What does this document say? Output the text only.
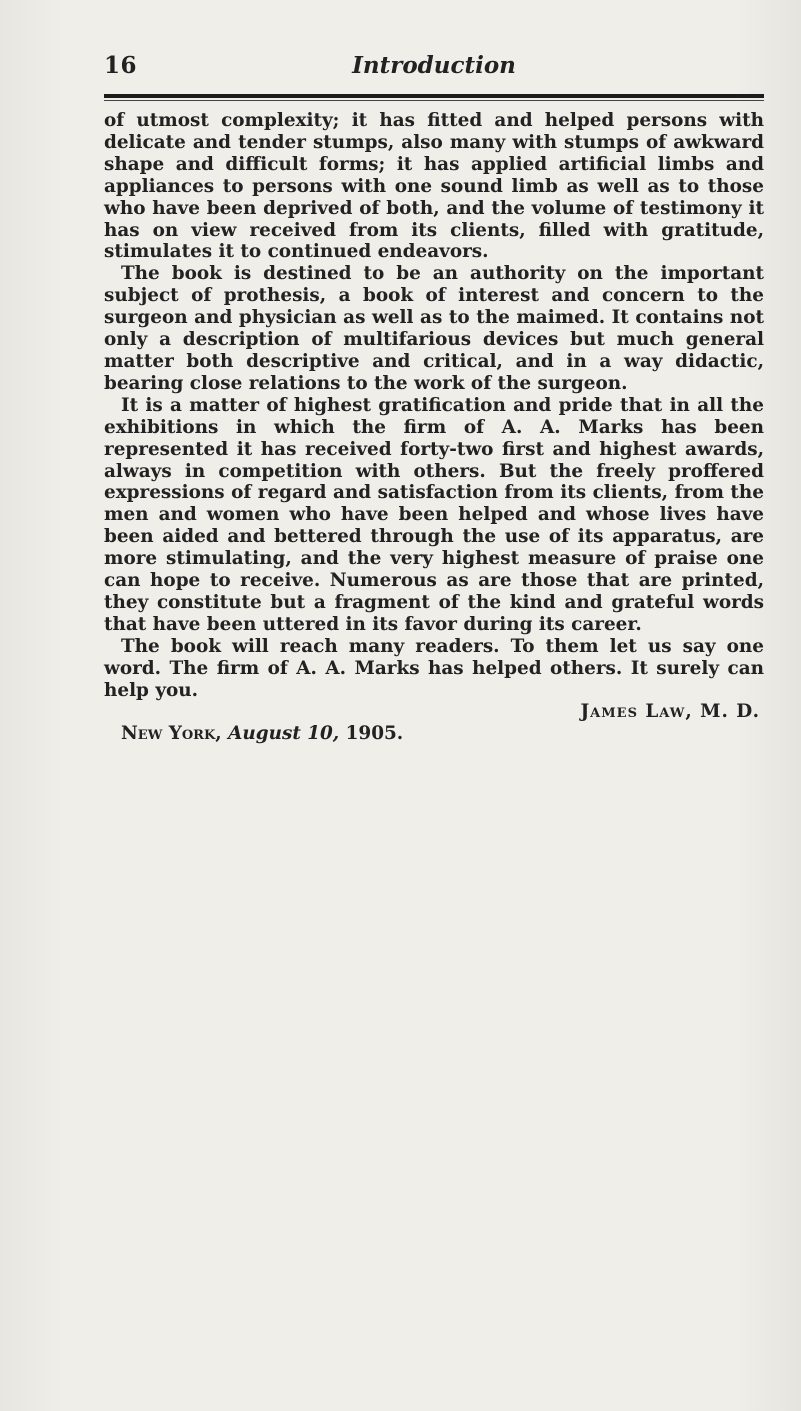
16	Introduction

of utmost complexity; it has fitted and helped persons with delicate and tender stumps, also many with stumps of awkward shape and difficult forms; it has applied artificial limbs and appliances to persons with one sound limb as well as to those who have been deprived of both, and the volume of testimony it has on view received from its clients, filled with gratitude, stimulates it to continued endeavors.

The book is destined to be an authority on the important subject of prothesis, a book of interest and concern to the surgeon and physician as well as to the maimed. It contains not only a description of multifarious devices but much general matter both descriptive and critical, and in a way didactic, bearing close relations to the work of the surgeon.

It is a matter of highest gratification and pride that in all the exhibitions in which the firm of A. A. Marks has been represented it has received forty-two first and highest awards, always in competition with others. But the freely proffered expressions of regard and satisfaction from its clients, from the men and women who have been helped and whose lives have been aided and bettered through the use of its apparatus, are more stimulating, and the very highest measure of praise one can hope to receive. Numerous as are those that are printed, they constitute but a fragment of the kind and grateful words that have been uttered in its favor during its career.

The book will reach many readers. To them let us say one word. The firm of A. A. Marks has helped others. It surely can help you.

James Law, M. D.

New York, August 10, 1905.
